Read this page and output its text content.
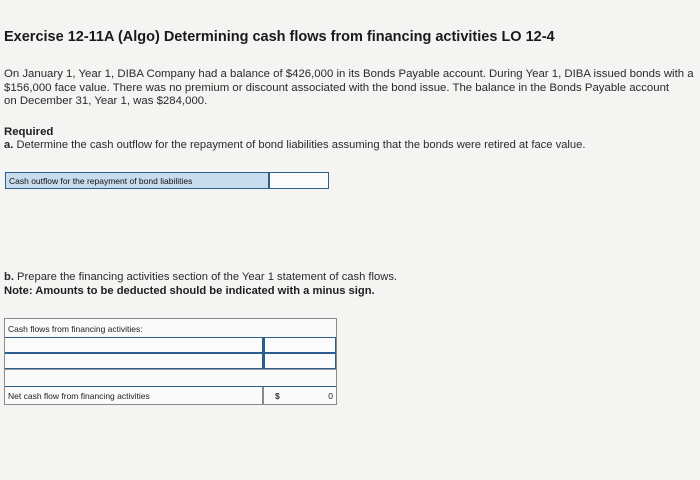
Exercise 12-11A (Algo) Determining cash flows from financing activities LO 12-4
On January 1, Year 1, DIBA Company had a balance of $426,000 in its Bonds Payable account. During Year 1, DIBA issued bonds with a
$156,000 face value. There was no premium or discount associated with the bond issue. The balance in the Bonds Payable account
on December 31, Year 1, was $284,000.
Required
a. Determine the cash outflow for the repayment of bond liabilities assuming that the bonds were retired at face value.
Cash outflow for the repayment of bond liabilities
b. Prepare the financing activities section of the Year 1 statement of cash flows.
Note: Amounts to be deducted should be indicated with a minus sign.
Cash flows from financing activities:
Net cash flow from financing activities	$	0
